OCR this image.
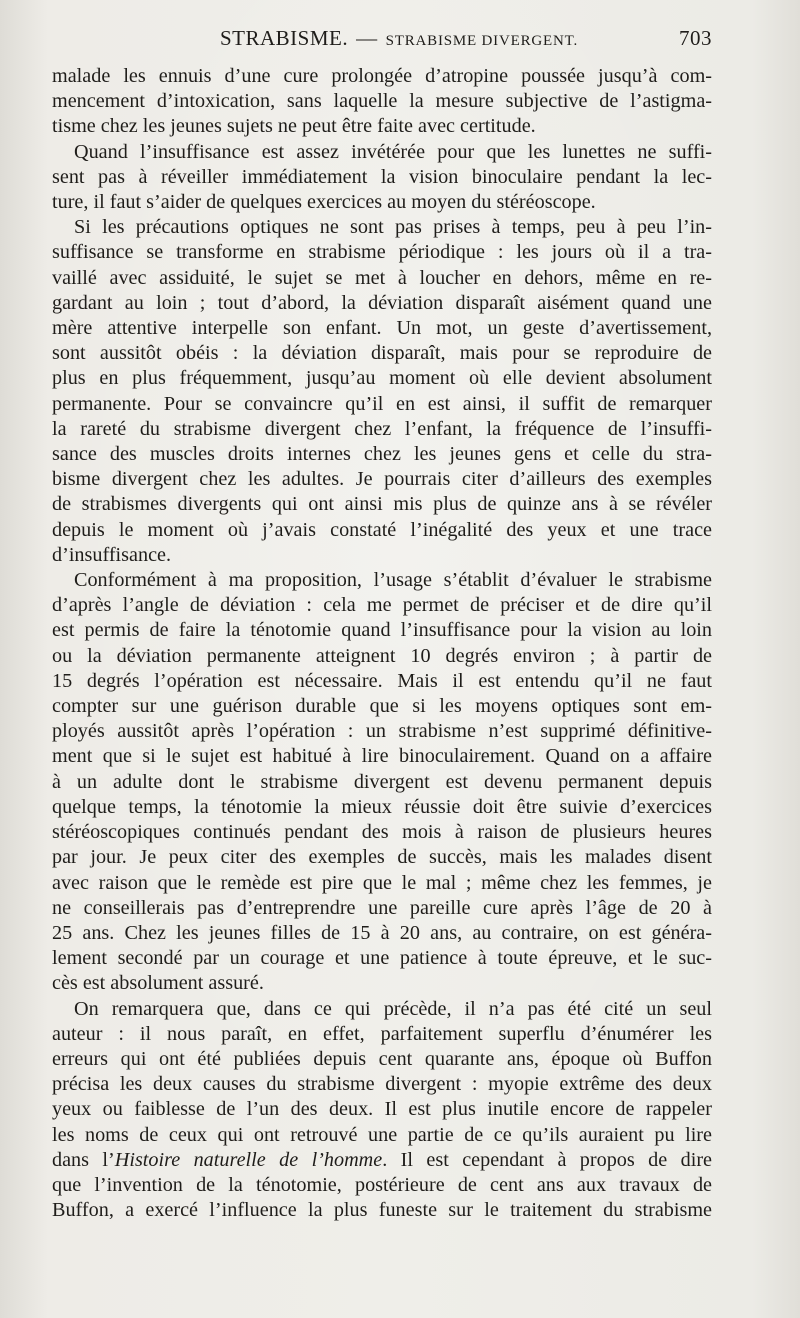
STRABISME. — STRABISME DIVERGENT.	703

malade les ennuis d’une cure prolongée d’atropine poussée jusqu’à com-

mencement d’intoxication, sans laquelle la mesure subjective de l’astigma-

tisme chez les jeunes sujets ne peut être faite avec certitude.

Quand l’insuffisance est assez invétérée pour que les lunettes ne suffi-

sent pas à réveiller immédiatement la vision binoculaire pendant la lec-

ture, il faut s’aider de quelques exercices au moyen du stéréoscope.

Si les précautions optiques ne sont pas prises à temps, peu à peu l’in-

suffisance se transforme en strabisme périodique : les jours où il a tra-

vaillé avec assiduité, le sujet se met à loucher en dehors, même en re-

gardant au loin ; tout d’abord, la déviation disparaît aisément quand une

mère attentive interpelle son enfant. Un mot, un geste d’avertissement,

sont aussitôt obéis : la déviation disparaît, mais pour se reproduire de

plus en plus fréquemment, jusqu’au moment où elle devient absolument

permanente. Pour se convaincre qu’il en est ainsi, il suffit de remarquer

la rareté du strabisme divergent chez l’enfant, la fréquence de l’insuffi-

sance des muscles droits internes chez les jeunes gens et celle du stra-

bisme divergent chez les adultes. Je pourrais citer d’ailleurs des exemples

de strabismes divergents qui ont ainsi mis plus de quinze ans à se révéler

depuis le moment où j’avais constaté l’inégalité des yeux et une trace

d’insuffisance.

Conformément à ma proposition, l’usage s’établit d’évaluer le strabisme

d’après l’angle de déviation : cela me permet de préciser et de dire qu’il

est permis de faire la ténotomie quand l’insuffisance pour la vision au loin

ou la déviation permanente atteignent 10 degrés environ ; à partir de

15 degrés l’opération est nécessaire. Mais il est entendu qu’il ne faut

compter sur une guérison durable que si les moyens optiques sont em-

ployés aussitôt après l’opération : un strabisme n’est supprimé définitive-

ment que si le sujet est habitué à lire binoculairement. Quand on a affaire

à un adulte dont le strabisme divergent est devenu permanent depuis

quelque temps, la ténotomie la mieux réussie doit être suivie d’exercices

stéréoscopiques continués pendant des mois à raison de plusieurs heures

par jour. Je peux citer des exemples de succès, mais les malades disent

avec raison que le remède est pire que le mal ; même chez les femmes, je

ne conseillerais pas d’entreprendre une pareille cure après l’âge de 20 à

25 ans. Chez les jeunes filles de 15 à 20 ans, au contraire, on est généra-

lement secondé par un courage et une patience à toute épreuve, et le suc-

cès est absolument assuré.

On remarquera que, dans ce qui précède, il n’a pas été cité un seul

auteur : il nous paraît, en effet, parfaitement superflu d’énumérer les

erreurs qui ont été publiées depuis cent quarante ans, époque où Buffon

précisa les deux causes du strabisme divergent : myopie extrême des deux

yeux ou faiblesse de l’un des deux. Il est plus inutile encore de rappeler

les noms de ceux qui ont retrouvé une partie de ce qu’ils auraient pu lire

dans l’Histoire naturelle de l’homme. Il est cependant à propos de dire

que l’invention de la ténotomie, postérieure de cent ans aux travaux de

Buffon, a exercé l’influence la plus funeste sur le traitement du strabisme
